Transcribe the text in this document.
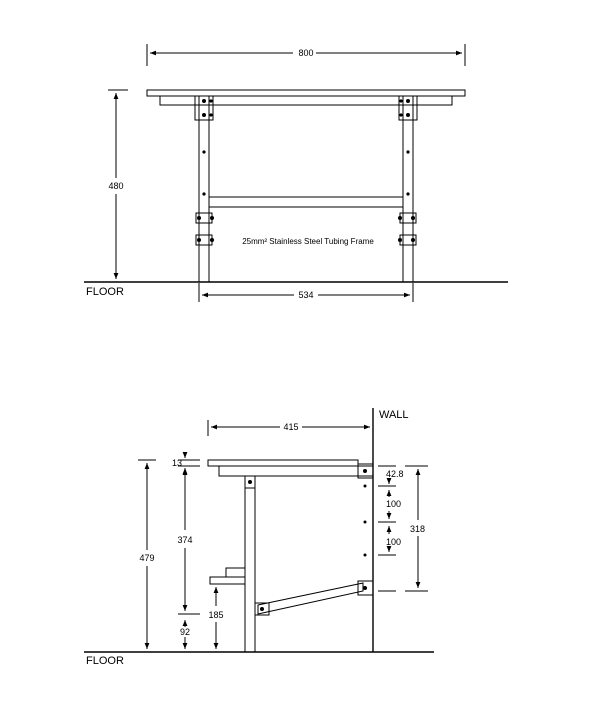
800
480
534
FLOOR
25mm² Stainless Steel Tubing Frame
WALL
FLOOR
415
13
479
374
185
92
42.8
100
100
318
